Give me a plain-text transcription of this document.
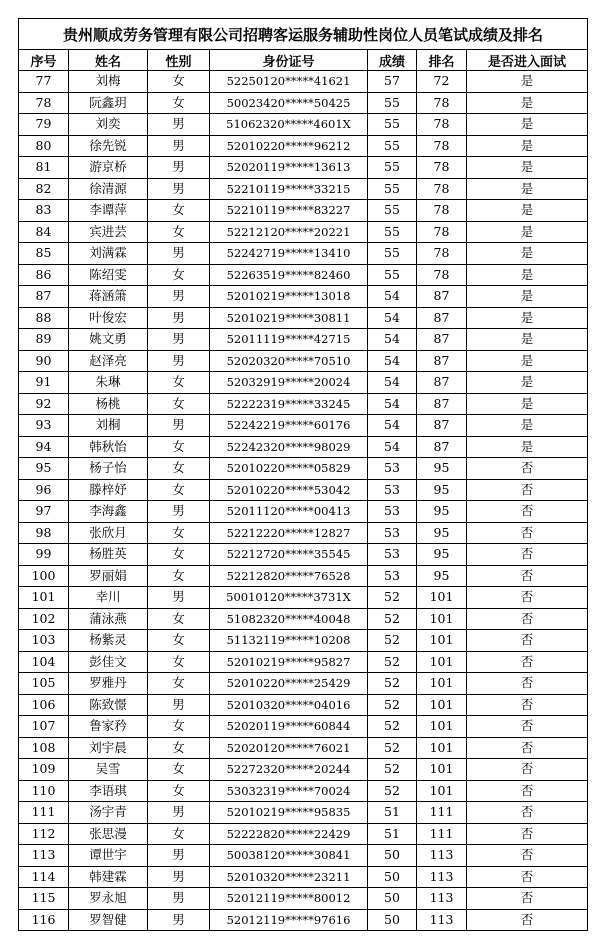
贵州顺成劳务管理有限公司招聘客运服务辅助性岗位人员笔试成绩及排名						
序号	姓名	性别	身份证号	成绩	排名	是否进入面试
77	刘梅	女	52250120*****41621	57	72	是
78	阮鑫玥	女	50023420*****50425	55	78	是
79	刘奕	男	51062320*****4601X	55	78	是
80	徐先锐	男	52010220*****96212	55	78	是
81	游京桥	男	52020119*****13613	55	78	是
82	徐清源	男	52210119*****33215	55	78	是
83	李谭萍	女	52210119*****83227	55	78	是
84	宾进芸	女	52212120*****20221	55	78	是
85	刘满霖	男	52242719*****13410	55	78	是
86	陈绍雯	女	52263519*****82460	55	78	是
87	蒋涵箫	男	52010219*****13018	54	87	是
88	叶俊宏	男	52010219*****30811	54	87	是
89	姚文勇	男	52011119*****42715	54	87	是
90	赵泽亮	男	52020320*****70510	54	87	是
91	朱琳	女	52032919*****20024	54	87	是
92	杨桃	女	52222319*****33245	54	87	是
93	刘桐	男	52242219*****60176	54	87	是
94	韩秋怡	女	52242320*****98029	54	87	是
95	杨子怡	女	52010220*****05829	53	95	否
96	滕梓妤	女	52010220*****53042	53	95	否
97	李海鑫	男	52011120*****00413	53	95	否
98	张欣月	女	52212220*****12827	53	95	否
99	杨胜英	女	52212720*****35545	53	95	否
100	罗丽娟	女	52212820*****76528	53	95	否
101	幸川	男	50010120*****3731X	52	101	否
102	蒲泳燕	女	51082320*****40048	52	101	否
103	杨紫灵	女	51132119*****10208	52	101	否
104	彭佳文	女	52010219*****95827	52	101	否
105	罗雅丹	女	52010220*****25429	52	101	否
106	陈致憬	男	52010320*****04016	52	101	否
107	鲁家矜	女	52020119*****60844	52	101	否
108	刘宇晨	女	52020120*****76021	52	101	否
109	吴雪	女	52272320*****20244	52	101	否
110	李语琪	女	53032319*****70024	52	101	否
111	汤宇青	男	52010219*****95835	51	111	否
112	张思漫	女	52222820*****22429	51	111	否
113	谭世宇	男	50038120*****30841	50	113	否
114	韩建霖	男	52010320*****23211	50	113	否
115	罗永旭	男	52012119*****80012	50	113	否
116	罗智健	男	52012119*****97616	50	113	否
